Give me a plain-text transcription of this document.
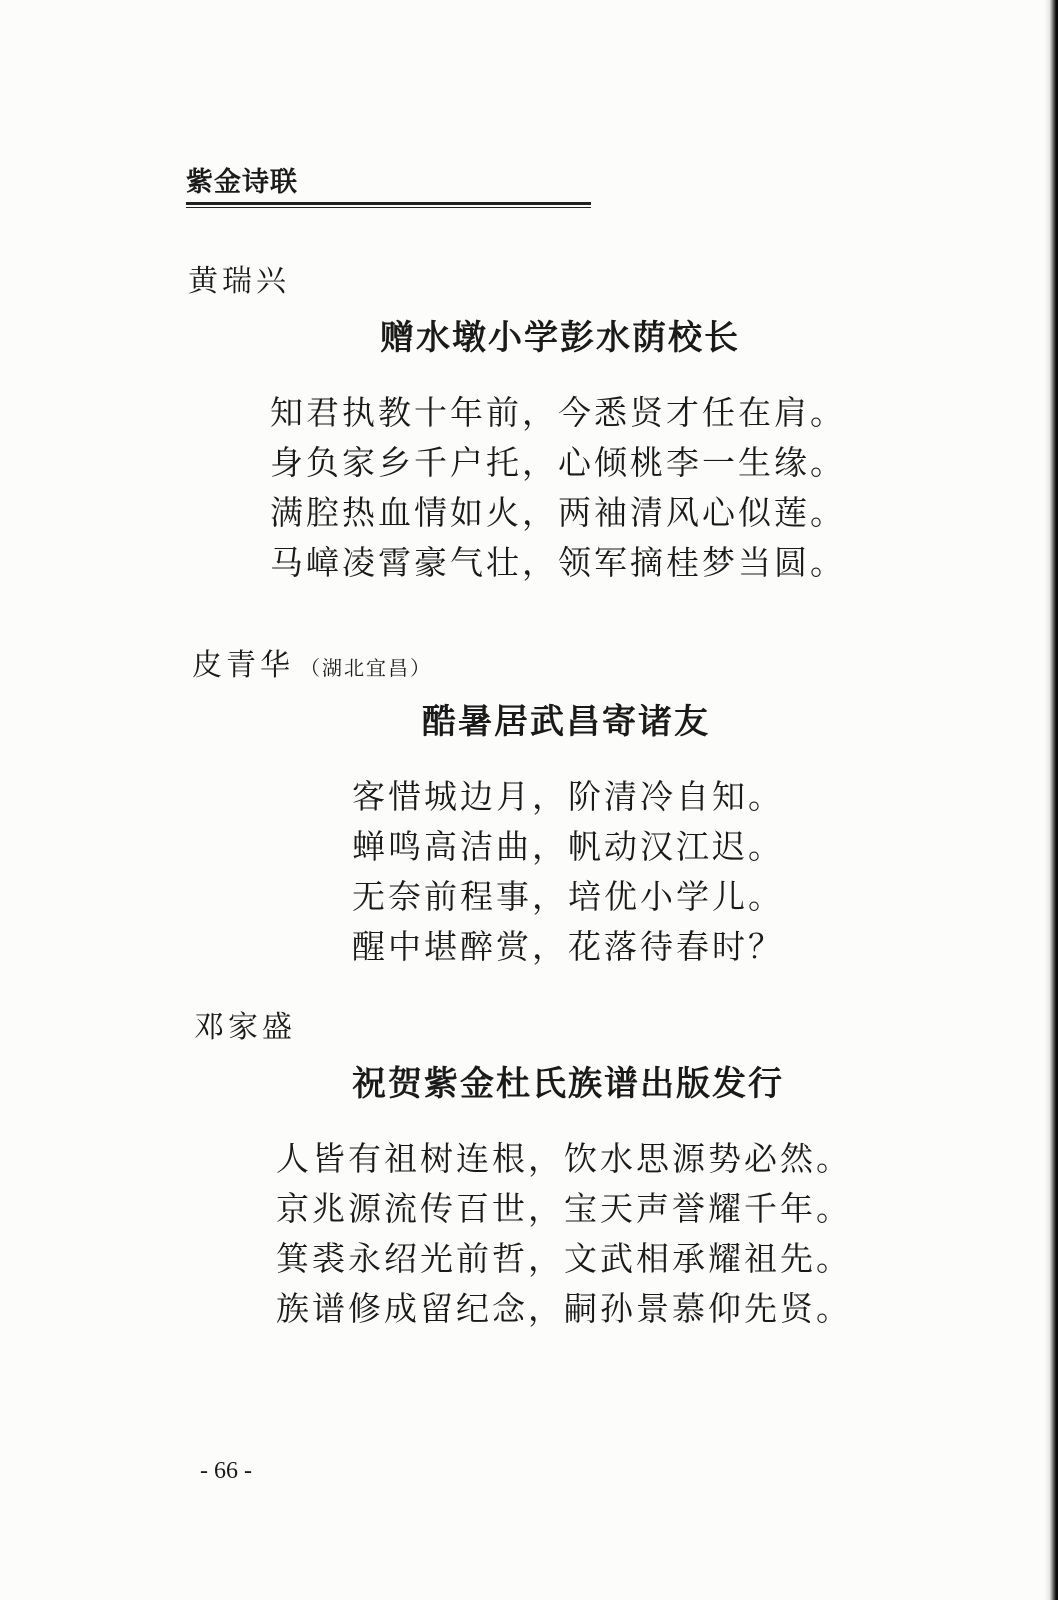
紫金诗联
黄瑞兴
赠水墩小学彭水荫校长
知君执教十年前，今悉贤才任在肩。
身负家乡千户托，心倾桃李一生缘。
满腔热血情如火，两袖清风心似莲。
马嶂凌霄豪气壮，领军摘桂梦当圆。
皮青华 （湖北宜昌）
酷暑居武昌寄诸友
客惜城边月，阶清冷自知。
蝉鸣高洁曲，帆动汉江迟。
无奈前程事，培优小学儿。
醒中堪醉赏，花落待春时？
邓家盛
祝贺紫金杜氏族谱出版发行
人皆有祖树连根，饮水思源势必然。
京兆源流传百世，宝天声誉耀千年。
箕裘永绍光前哲，文武相承耀祖先。
族谱修成留纪念，嗣孙景慕仰先贤。
- 66 -
